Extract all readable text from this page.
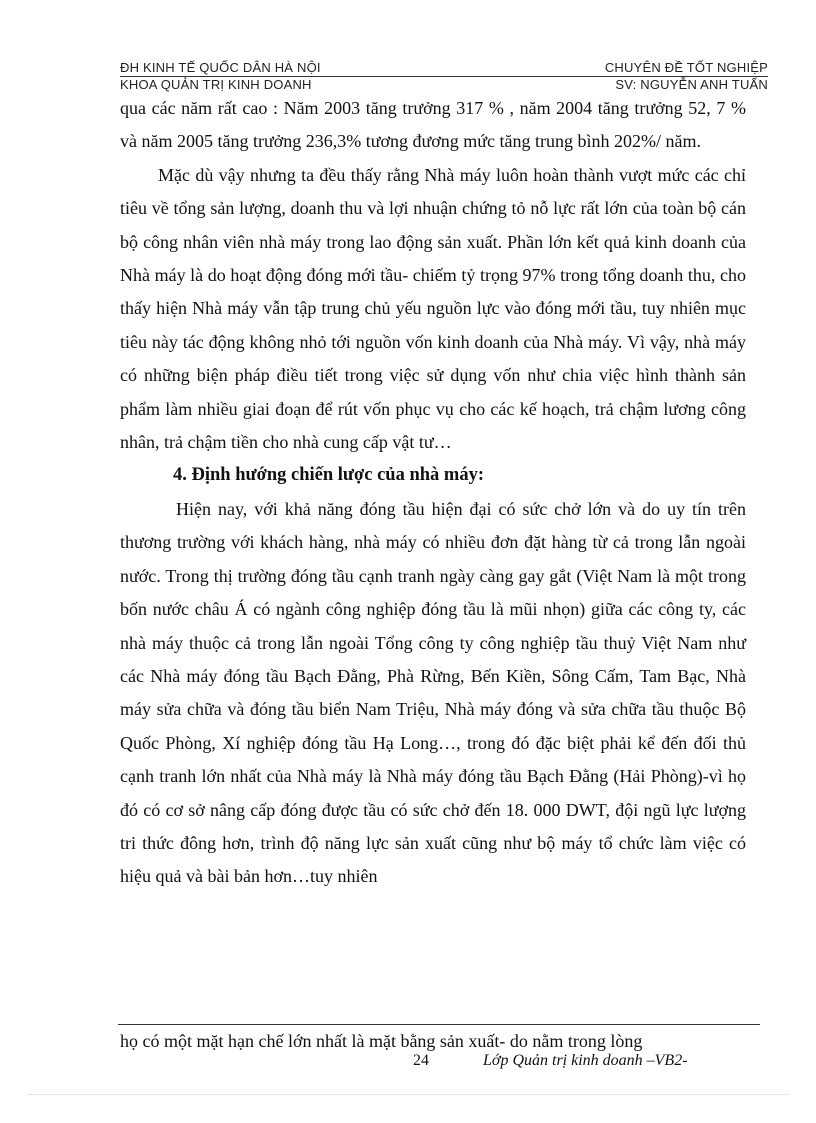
ĐH KINH TẾ QUỐC DÂN HÀ NỘI	CHUYÊN ĐỀ TỐT NGHIỆP
KHOA QUẢN TRỊ KINH DOANH	SV: NGUYỄN ANH TUẤN

qua các năm rất cao : Năm 2003 tăng trưởng 317 % , năm 2004 tăng trưởng 52, 7 % và năm 2005 tăng trưởng 236,3% tương đương mức tăng trung bình 202%/ năm.

Mặc dù vậy nhưng ta đều thấy rằng Nhà máy luôn hoàn thành vượt mức các chỉ tiêu về tổng sản lượng, doanh thu và lợi nhuận chứng tỏ nỗ lực rất lớn của toàn bộ cán bộ công nhân viên nhà máy trong lao động sản xuất. Phần lớn kết quả kinh doanh của Nhà máy là do hoạt động đóng mới tầu- chiếm tỷ trọng 97% trong tổng doanh thu, cho thấy hiện Nhà máy vẫn tập trung chủ yếu nguồn lực vào đóng mới tầu, tuy nhiên mục tiêu này tác động không nhỏ tới nguồn vốn kinh doanh của Nhà máy. Vì vậy, nhà máy có những biện pháp điều tiết trong việc sử dụng vốn như chia việc hình thành sản phẩm làm nhiều giai đoạn để rút vốn phục vụ cho các kế hoạch, trả chậm lương công nhân, trả chậm tiền cho nhà cung cấp vật tư…

4. Định hướng chiến lược của nhà máy:

Hiện nay, với khả năng đóng tầu hiện đại có sức chở lớn và do uy tín trên thương trường với khách hàng, nhà máy có nhiều đơn đặt hàng từ cả trong lẫn ngoài nước. Trong thị trường đóng tầu cạnh tranh ngày càng gay gắt (Việt Nam là một trong bốn nước châu Á có ngành công nghiệp đóng tầu là mũi nhọn) giữa các công ty, các nhà máy thuộc cả trong lẫn ngoài Tổng công ty công nghiệp tầu thuỷ Việt Nam như các Nhà máy đóng tầu Bạch Đằng, Phà Rừng, Bến Kiền, Sông Cấm, Tam Bạc, Nhà máy sửa chữa và đóng tầu biển Nam Triệu, Nhà máy đóng và sửa chữa tầu thuộc Bộ Quốc Phòng, Xí nghiệp đóng tầu Hạ Long…, trong đó đặc biệt phải kể đến đối thủ cạnh tranh lớn nhất của Nhà máy là Nhà máy đóng tầu Bạch Đằng (Hải Phòng)-vì họ đó có cơ sở nâng cấp đóng được tầu có sức chở đến 18. 000 DWT, đội ngũ lực lượng tri thức đông hơn, trình độ năng lực sản xuất cũng như bộ máy tổ chức làm việc có hiệu quả và bài bản hơn…tuy nhiên

họ có một mặt hạn chế lớn nhất là mặt bằng sản xuất- do nằm trong lòng
24	Lớp Quản trị kinh doanh –VB2-
